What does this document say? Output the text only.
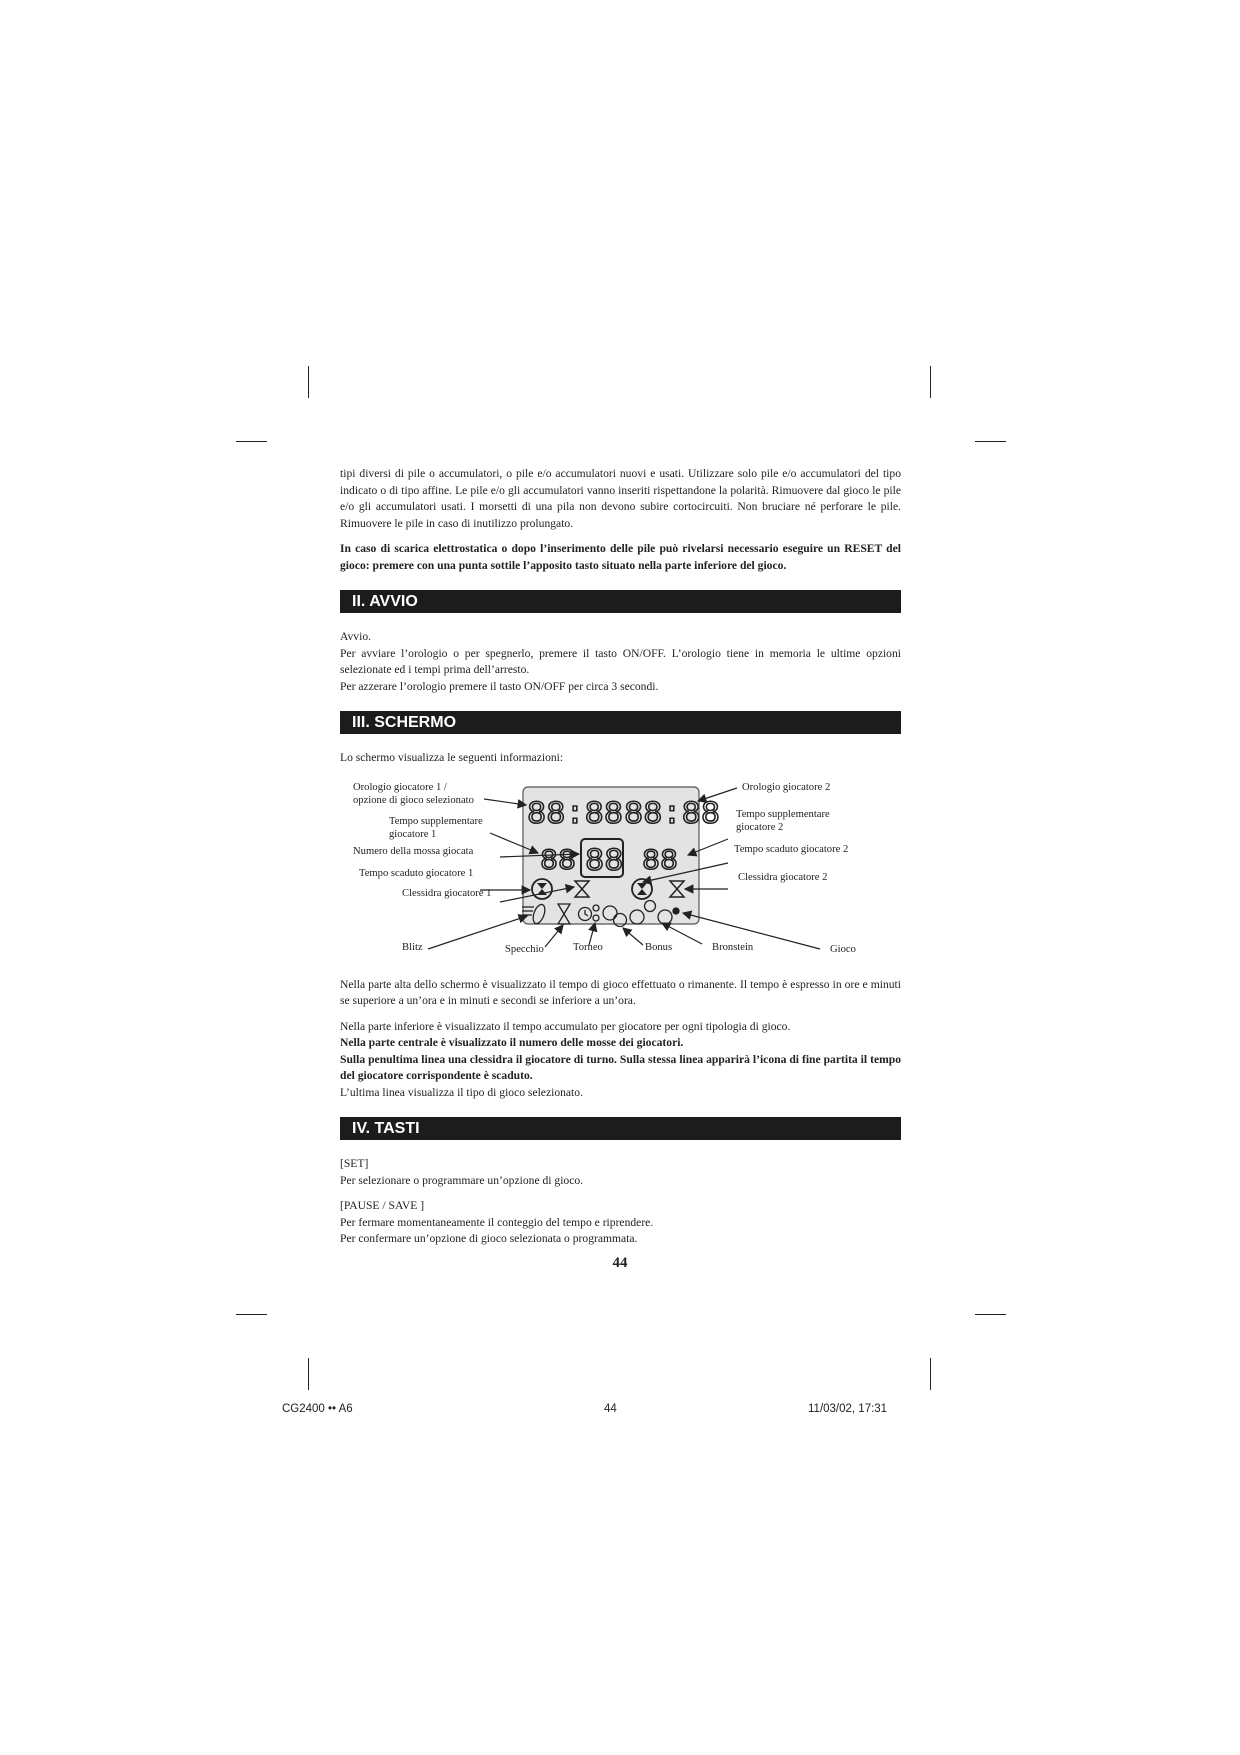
tipi diversi di pile o accumulatori, o pile e/o accumulatori nuovi e usati. Utilizzare solo pile e/o accumulatori del tipo indicato o di tipo affine. Le pile e/o gli accumulatori vanno inseriti rispettandone la polarità. Rimuovere dal gioco le pile e/o gli accumulatori usati. I morsetti di una pila non devono subire cortocircuiti. Non bruciare né perforare le pile. Rimuovere le pile in caso di inutilizzo prolungato.

In caso di scarica elettrostatica o dopo l’inserimento delle pile può rivelarsi necessario eseguire un RESET del gioco: premere con una punta sottile l’apposito tasto situato nella parte inferiore del gioco.

II. AVVIO

Avvio.

Per avviare l’orologio o per spegnerlo, premere il tasto ON/OFF. L’orologio tiene in memoria le ultime opzioni selezionate ed i tempi prima dell’arresto.

Per azzerare l’orologio premere il tasto ON/OFF per circa 3 secondi.

III. SCHERMO

Lo schermo visualizza le seguenti informazioni:

88:88 88:88
88 88 88
Orologio giocatore 1 /
opzione di gioco selezionato
Orologio giocatore 2
Tempo supplementare
giocatore 1
Tempo supplementare
giocatore 2
Numero della mossa giocata	Tempo scaduto giocatore 2
Tempo scaduto giocatore 1	Clessidra giocatore 2
Clessidra giocatore 1
Blitz	Specchio	Torneo	Bonus	Bronstein	Gioco

Nella parte alta dello schermo è visualizzato il tempo di gioco effettuato o rimanente. Il tempo è espresso in ore e minuti se superiore a un’ora e in minuti e secondi se inferiore a un’ora.

Nella parte inferiore è visualizzato il tempo accumulato per giocatore per ogni tipologia di gioco.

Nella parte centrale è visualizzato il numero delle mosse dei giocatori.

Sulla penultima linea una clessidra il giocatore di turno. Sulla stessa linea apparirà l’icona di fine partita il tempo del giocatore corrispondente è scaduto.

L’ultima linea visualizza il tipo di gioco selezionato.

IV. TASTI

[SET]

Per selezionare o programmare un’opzione di gioco.

[PAUSE / SAVE ]

Per fermare momentaneamente il conteggio del tempo e riprendere.

Per confermare un’opzione di gioco selezionata o programmata.

44
CG2400 •• A6	44	11/03/02, 17:31
